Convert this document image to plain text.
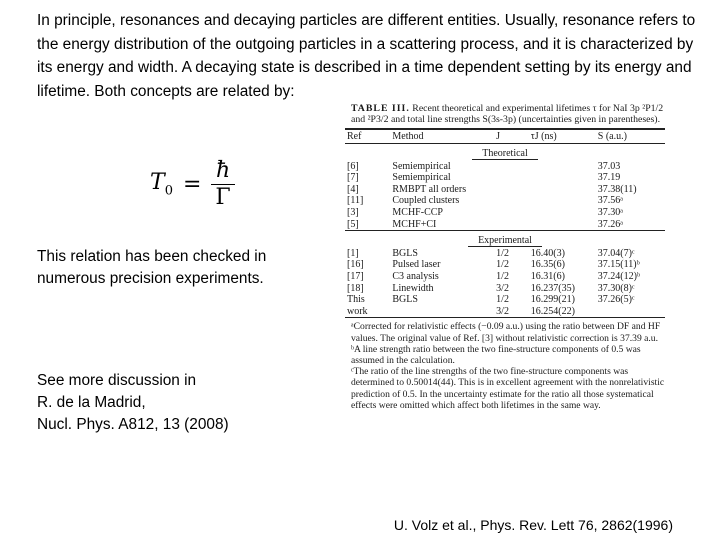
In principle, resonances and decaying particles are different entities. Usually, resonance refers to the energy distribution of the outgoing particles in a scattering process, and it is characterized by its energy and width. A decaying state is described in a time dependent setting by its energy and lifetime. Both concepts are related by:

$T_0 = \frac{ħ}{\Gamma}$

This relation has been checked in numerous precision experiments.

See more discussion in
R. de la Madrid,
Nucl. Phys. A812, 13 (2008)

TABLE III. Recent theoretical and experimental lifetimes τ for NaI 3p ²P1/2 and ²P3/2 and total line strengths S(3s-3p) (uncertainties given in parentheses).

Ref	Method	J	τJ (ns)	S (a.u.)
Theoretical				
[6]	Semiempirical			37.03
[7]	Semiempirical			37.19
[4]	RMBPT all orders			37.38(11)
[11]	Coupled clusters			37.56ᵃ
[3]	MCHF-CCP			37.30ᵃ
[5]	MCHF+CI			37.26ᵃ
Experimental				
[1]	BGLS	1/2	16.40(3)	37.04(7)ᶜ
[16]	Pulsed laser	1/2	16.35(6)	37.15(11)ᵇ
[17]	C3 analysis	1/2	16.31(6)	37.24(12)ᵇ
[18]	Linewidth	3/2	16.237(35)	37.30(8)ᶜ
This	BGLS	1/2	16.299(21)	37.26(5)ᶜ
work		3/2	16.254(22)	

ᵃCorrected for relativistic effects (−0.09 a.u.) using the ratio between DF and HF values. The original value of Ref. [3] without relativistic correction is 37.39 a.u.

ᵇA line strength ratio between the two fine-structure components of 0.5 was assumed in the calculation.

ᶜThe ratio of the line strengths of the two fine-structure components was determined to 0.50014(44). This is in excellent agreement with the nonrelativistic prediction of 0.5. In the uncertainty estimate for the ratio all those systematical effects were omitted which affect both lifetimes in the same way.

U. Volz et al., Phys. Rev. Lett 76, 2862(1996)
